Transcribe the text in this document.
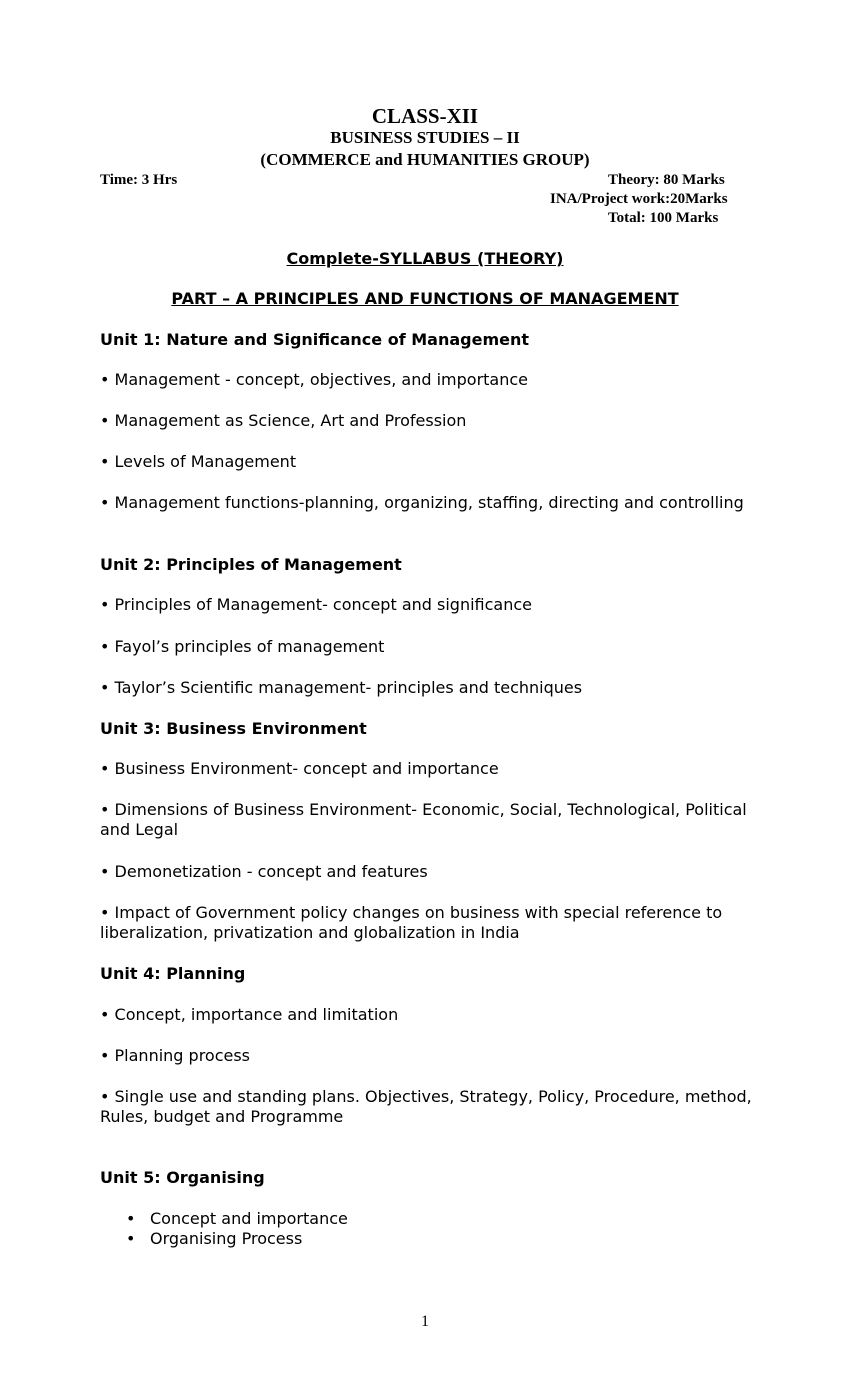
CLASS-XII
BUSINESS STUDIES – II
(COMMERCE and HUMANITIES GROUP)
Time: 3 Hrs	Theory: 80 Marks
INA/Project work:20Marks
Total: 100 Marks
Complete-SYLLABUS (THEORY)
PART – A PRINCIPLES AND FUNCTIONS OF MANAGEMENT
Unit 1: Nature and Significance of Management
• Management - concept, objectives, and importance
• Management as Science, Art and Profession
• Levels of Management
• Management functions-planning, organizing, staffing, directing and controlling
Unit 2: Principles of Management
• Principles of Management- concept and significance
• Fayol’s principles of management
• Taylor’s Scientific management- principles and techniques
Unit 3: Business Environment
• Business Environment- concept and importance
• Dimensions of Business Environment- Economic, Social, Technological, Political and Legal
• Demonetization - concept and features
• Impact of Government policy changes on business with special reference to liberalization, privatization and globalization in India
Unit 4: Planning
• Concept, importance and limitation
• Planning process
• Single use and standing plans. Objectives, Strategy, Policy, Procedure, method, Rules, budget and Programme
Unit 5: Organising
• Concept and importance
• Organising Process
1
